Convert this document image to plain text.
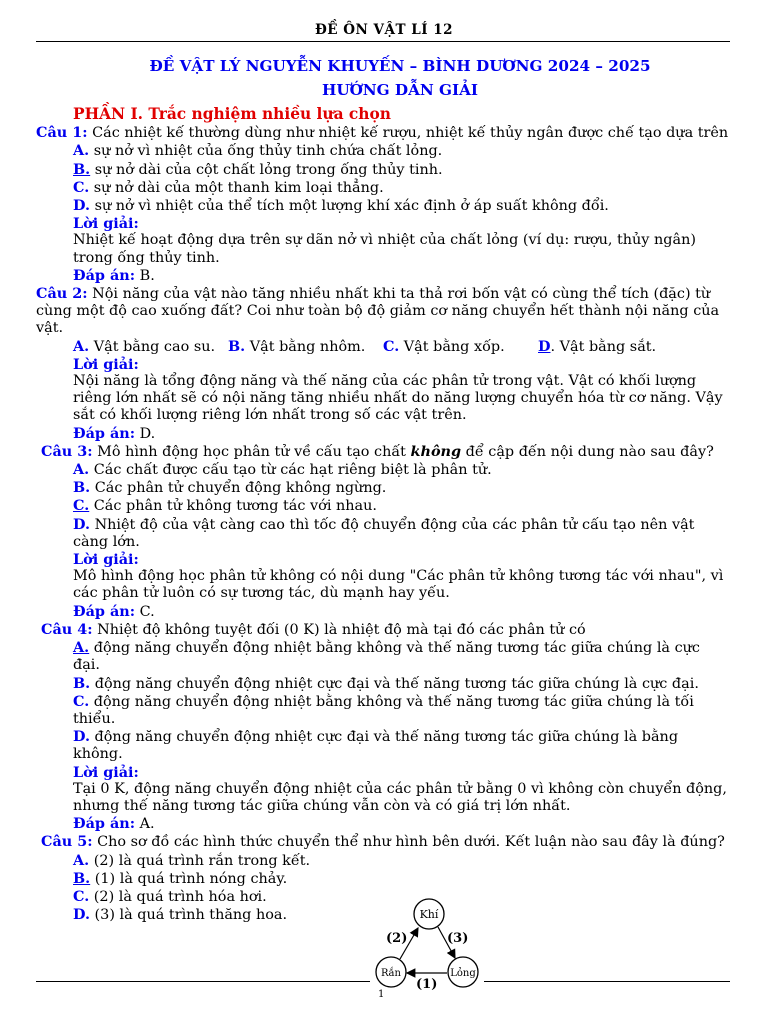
ĐỀ ÔN VẬT LÍ 12
ĐỀ VẬT LÝ NGUYỄN KHUYẾN – BÌNH DƯƠNG 2024 – 2025
HƯỚNG DẪN GIẢI
PHẦN I. Trắc nghiệm nhiều lựa chọn
Câu 1: Các nhiệt kế thường dùng như nhiệt kế rượu, nhiệt kế thủy ngân được chế tạo dựa trên
A. sự nở vì nhiệt của ống thủy tinh chứa chất lỏng.
B. sự nở dài của cột chất lỏng trong ống thủy tinh.
C. sự nở dài của một thanh kim loại thẳng.
D. sự nở vì nhiệt của thể tích một lượng khí xác định ở áp suất không đổi.
Lời giải:
Nhiệt kế hoạt động dựa trên sự dãn nở vì nhiệt của chất lỏng (ví dụ: rượu, thủy ngân) trong ống thủy tinh.
Đáp án: B.
Câu 2: Nội năng của vật nào tăng nhiều nhất khi ta thả rơi bốn vật có cùng thể tích (đặc) từ cùng một độ cao xuống đất? Coi như toàn bộ độ giảm cơ năng chuyển hết thành nội năng của vật.
A. Vật bằng cao su. B. Vật bằng nhôm.	C. Vật bằng xốp.	D. Vật bằng sắt.
Lời giải:
Nội năng là tổng động năng và thế năng của các phân tử trong vật. Vật có khối lượng riêng lớn nhất sẽ có nội năng tăng nhiều nhất do năng lượng chuyển hóa từ cơ năng. Vậy sắt có khối lượng riêng lớn nhất trong số các vật trên.
Đáp án: D.
Câu 3: Mô hình động học phân tử về cấu tạo chất không để cập đến nội dung nào sau đây?
A. Các chất được cấu tạo từ các hạt riêng biệt là phân tử.
B. Các phân tử chuyển động không ngừng.
C. Các phân tử không tương tác với nhau.
D. Nhiệt độ của vật càng cao thì tốc độ chuyển động của các phân tử cấu tạo nên vật càng lớn.
Lời giải:
Mô hình động học phân tử không có nội dung "Các phân tử không tương tác với nhau", vì các phân tử luôn có sự tương tác, dù mạnh hay yếu.
Đáp án: C.
Câu 4: Nhiệt độ không tuyệt đối (0 K) là nhiệt độ mà tại đó các phân tử có
A. động năng chuyển động nhiệt bằng không và thế năng tương tác giữa chúng là cực đại.
B. động năng chuyển động nhiệt cực đại và thế năng tương tác giữa chúng là cực đại.
C. động năng chuyển động nhiệt bằng không và thế năng tương tác giữa chúng là tối thiểu.
D. động năng chuyển động nhiệt cực đại và thế năng tương tác giữa chúng là bằng không.
Lời giải:
Tại 0 K, động năng chuyển động nhiệt của các phân tử bằng 0 vì không còn chuyển động, nhưng thế năng tương tác giữa chúng vẫn còn và có giá trị lớn nhất.
Đáp án: A.
Câu 5: Cho sơ đồ các hình thức chuyển thể như hình bên dưới. Kết luận nào sau đây là đúng?
A. (2) là quá trình rắn trong kết.
B. (1) là quá trình nóng chảy.
C. (2) là quá trình hóa hơi.
D. (3) là quá trình thăng hoa.	Khí
Rắn	Lỏng
(2)	(3)
(1)
1
